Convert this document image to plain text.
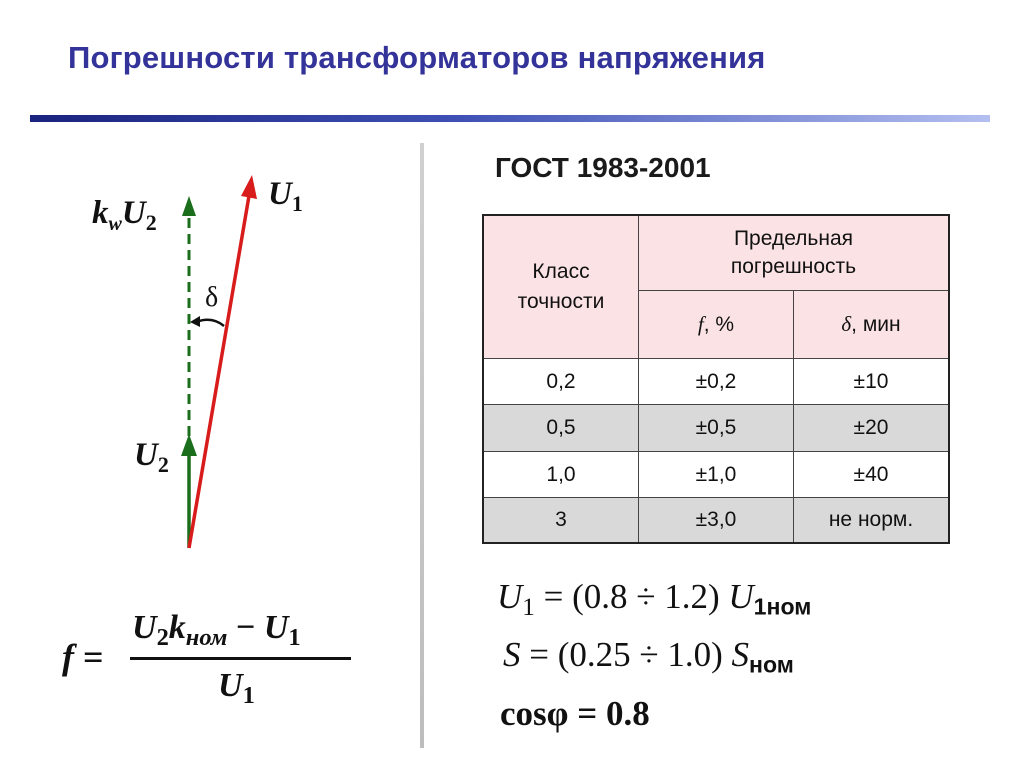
Погрешности трансформаторов напряжения
$k_wU_2$
$U_1$
$U_2$
δ
f =
$U_2k_{ном} - U_1$
$U_1$
ГОСТ 1983-2001
Класс точности	Предельная погрешность	

	f, %	δ, мин
0,2	±0,2	±10
0,5	±0,5	±20
1,0	±1,0	±40
3	±3,0	не норм.
$U_1 = (0.8 \div 1.2)$ $U_{1ном}$
S = (0.25 ÷ 1.0) $S_{ном}$
cosφ = 0.8
